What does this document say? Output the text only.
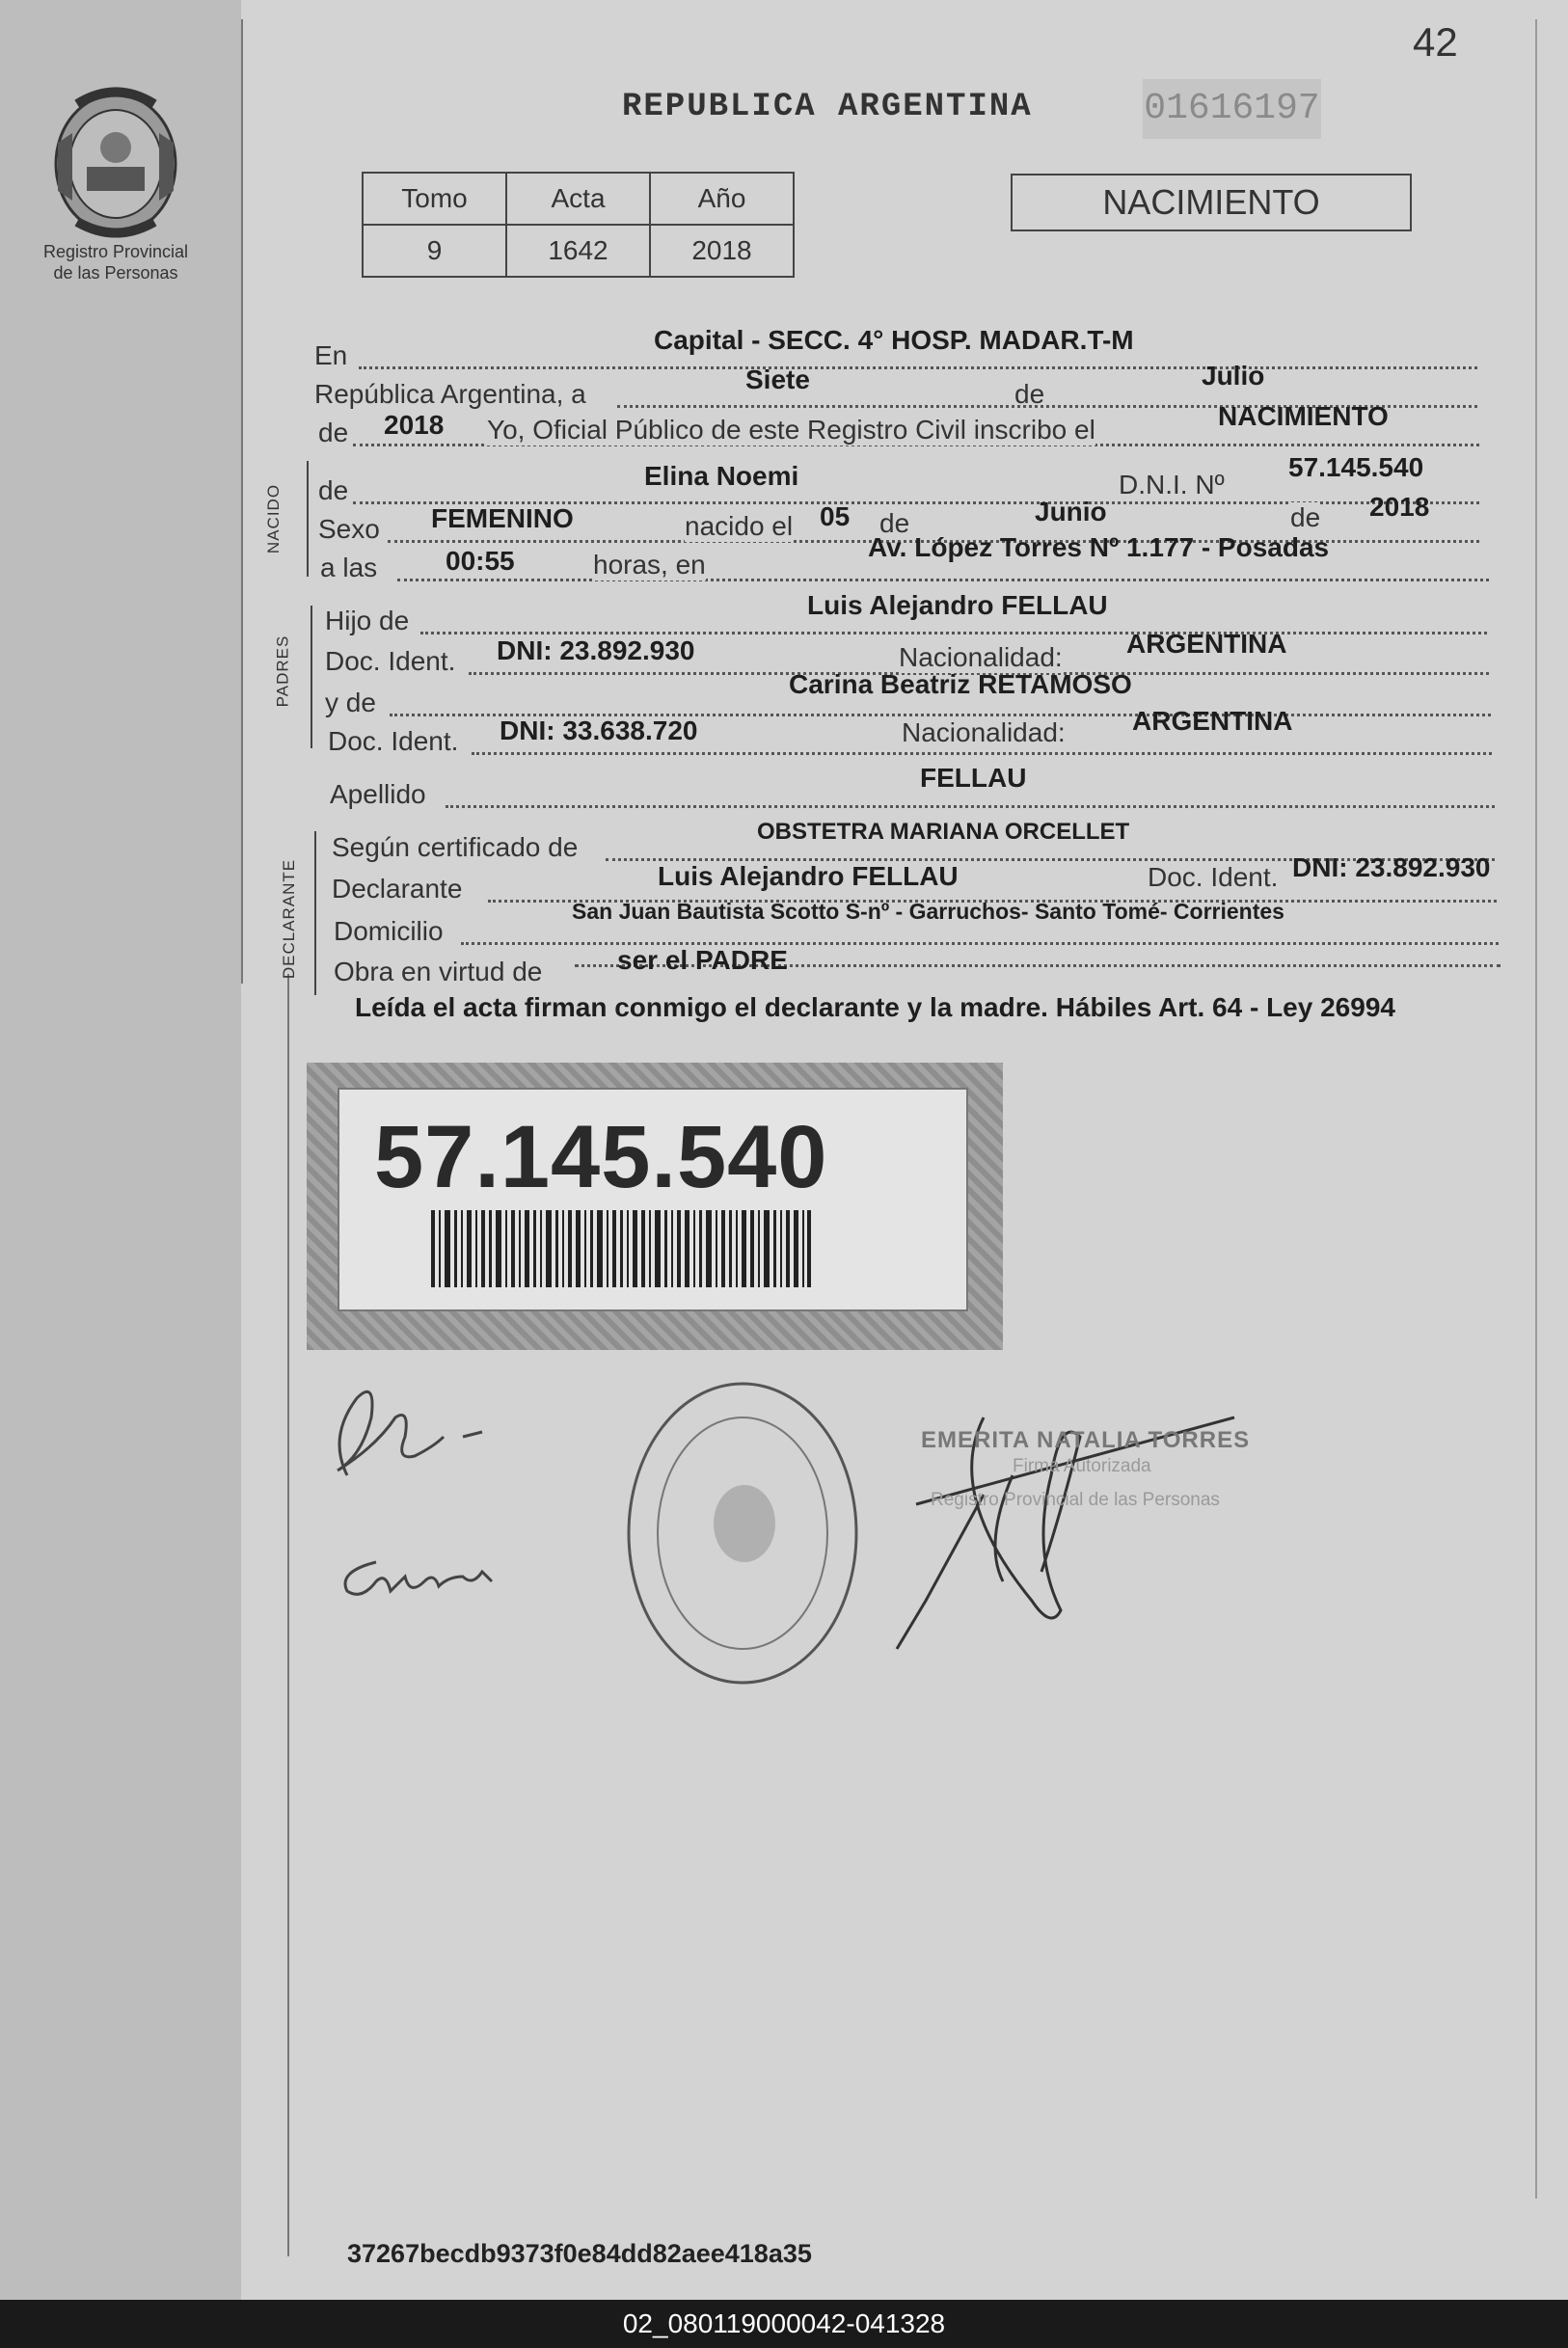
Registro Provincial
de las Personas
42
REPUBLICA ARGENTINA	01616197
Tomo	Acta	Año
9	1642	2018
NACIMIENTO
En
Capital - SECC. 4° HOSP. MADAR.T-M
República Argentina, a	Siete	de
Julio
de 2018 Yo, Oficial Público de este Registro Civil inscribo el	NACIMIENTO
NACIDO de	Elina Noemi	D.N.I. Nº
57.145.540
Sexo FEMENINO	nacido el 05 de	Junio	de 2018
a las	00:55	horas, en
Av. López Torres Nº 1.177 - Posadas
PADRES
Hijo de
Luis Alejandro FELLAU
Doc. Ident. DNI: 23.892.930	Nacionalidad: ARGENTINA
y de
Carina Beatriz RETAMOSO
Doc. Ident. DNI: 33.638.720	Nacionalidad: ARGENTINA
Apellido
FELLAU
DECLARANTE
Según certificado de
OBSTETRA MARIANA ORCELLET
Declarante	Luis Alejandro FELLAU	Doc. Ident. DNI: 23.892.930
Domicilio
San Juan Bautista Scotto S-nº - Garruchos- Santo Tomé- Corrientes
Obra en virtud de	ser el PADRE
Leída el acta firman conmigo el declarante y la madre. Hábiles Art. 64 - Ley 26994
57.145.540
EMERITA NATALIA TORRES
Firma Autorizada
Registro Provincial de las Personas
37267becdb9373f0e84dd82aee418a35
02_080119000042-041328
